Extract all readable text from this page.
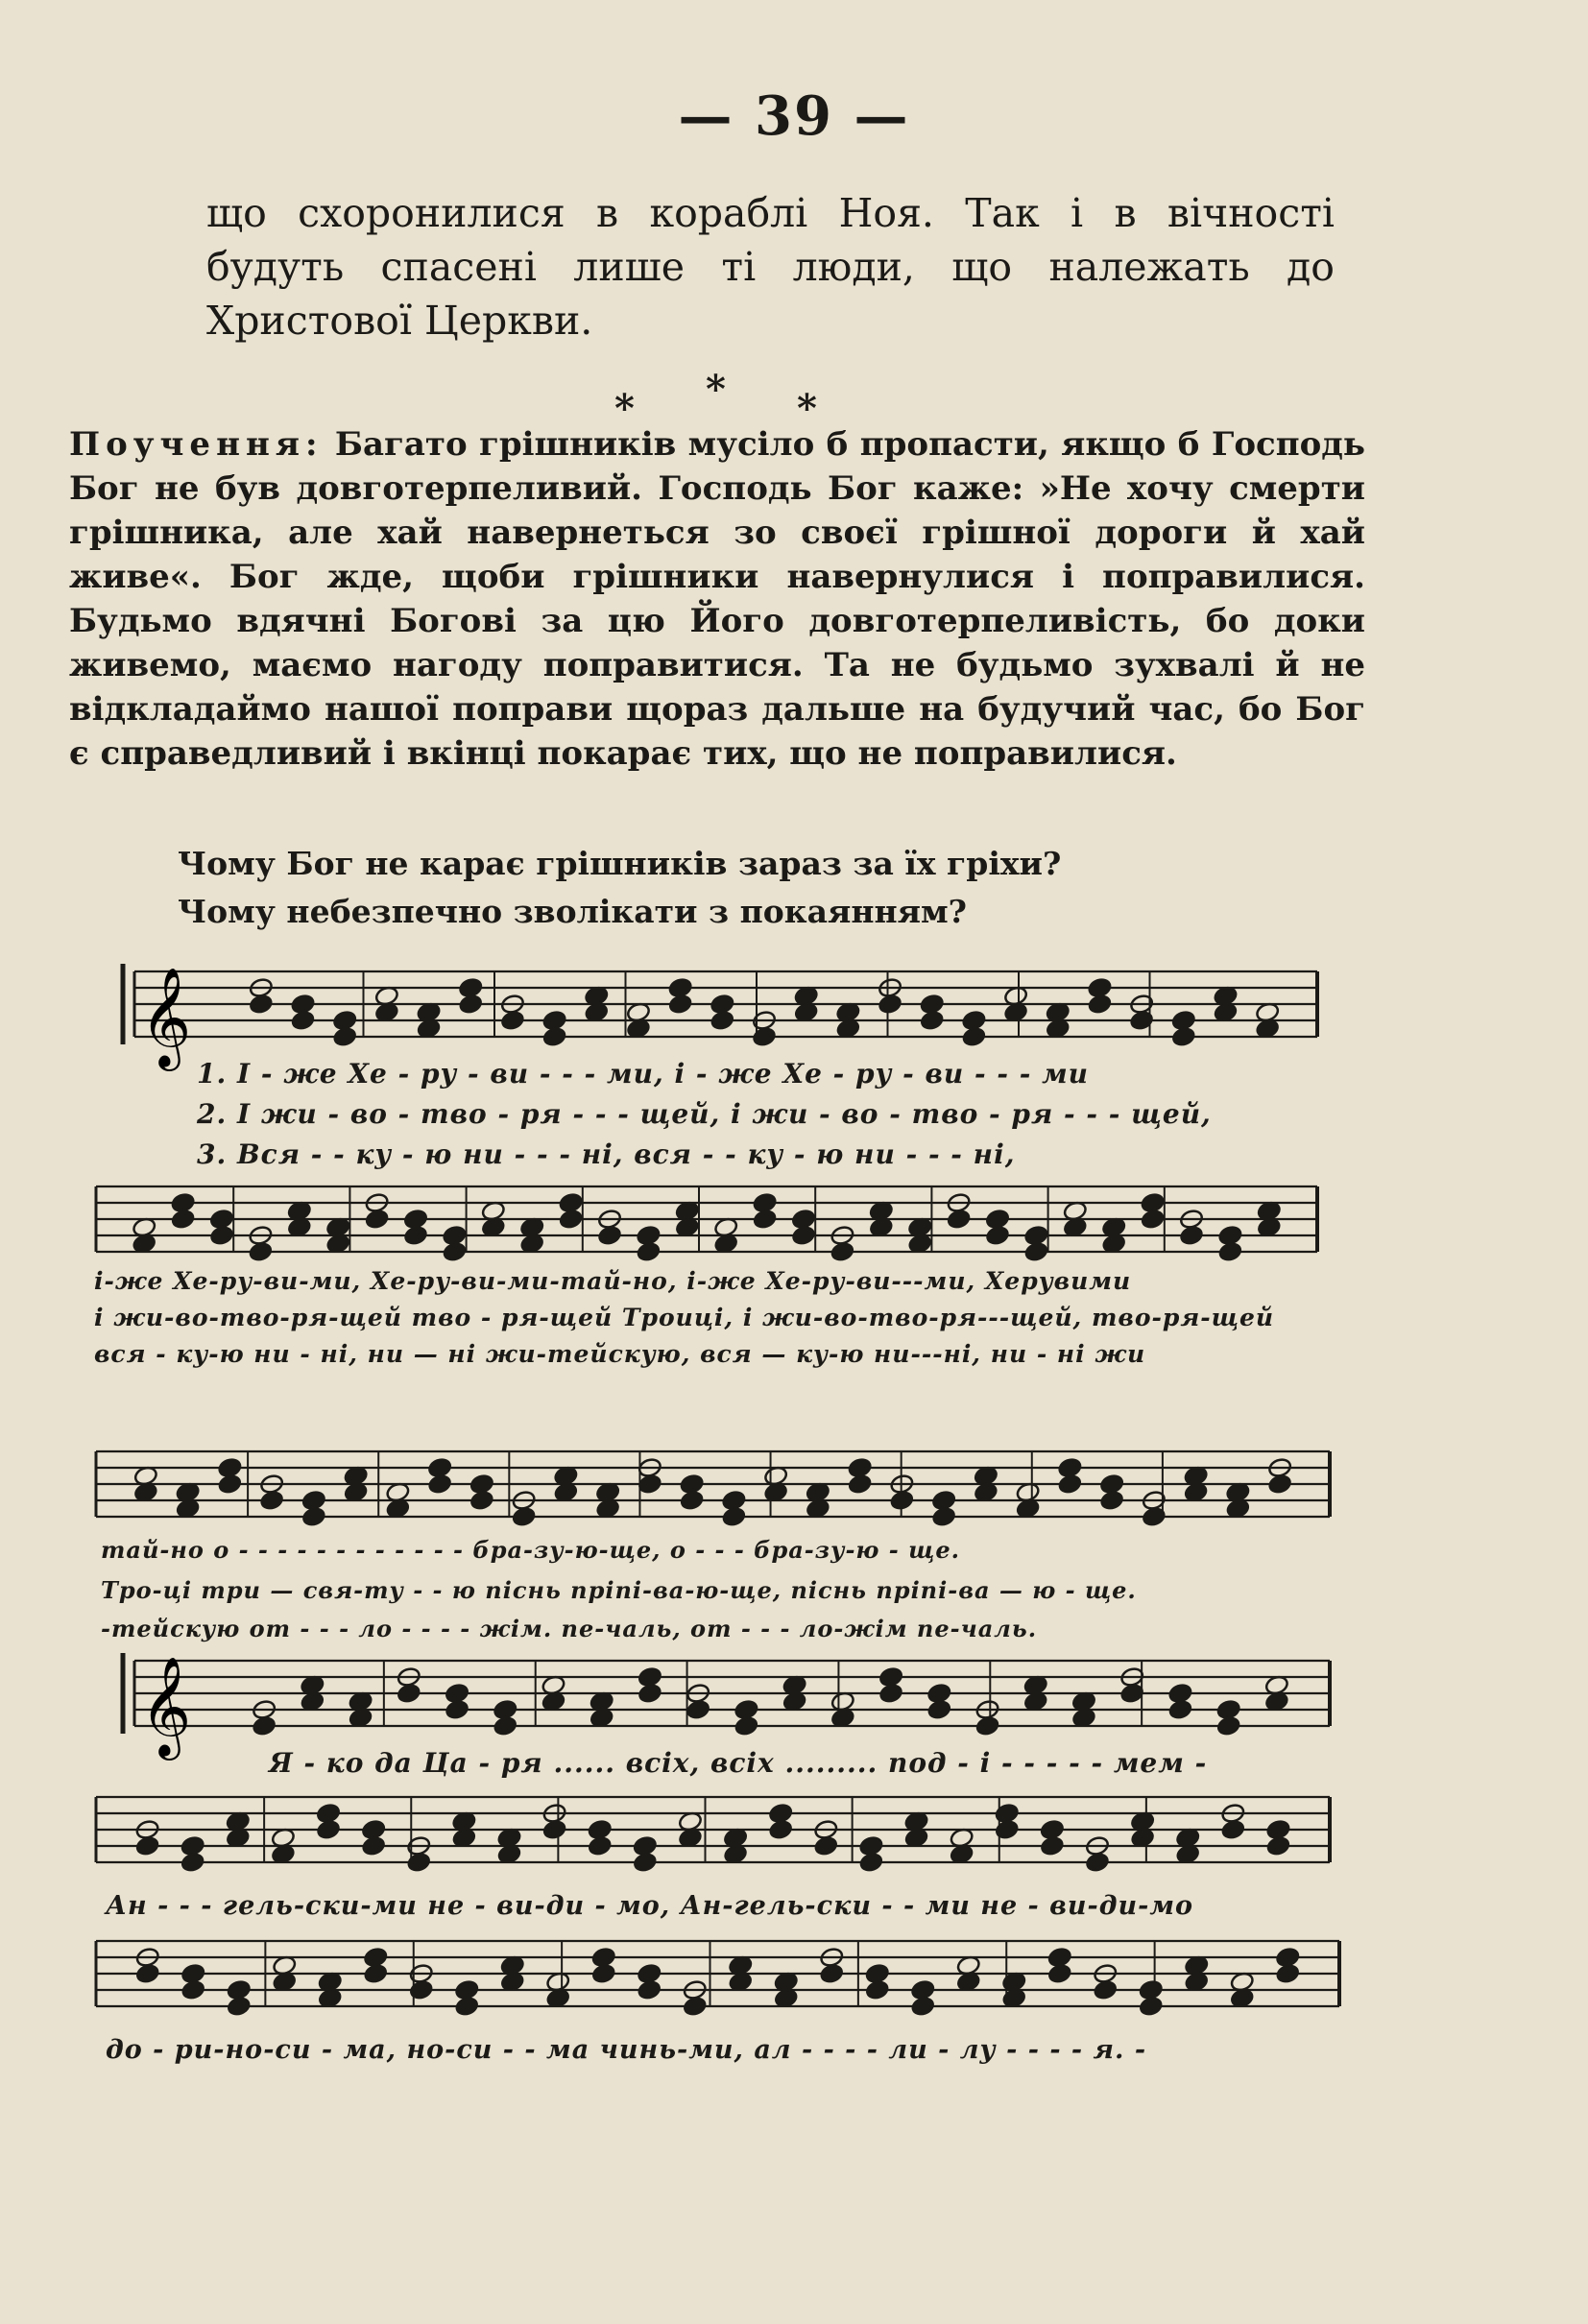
— 39 —

що схоронилися в кораблі Ноя. Так і в вічності будуть спасені лише ті люди, що належать до Христової Церкви.

* * *

Поучення: Багато грішників мусіло б пропасти, якщо б Господь Бог не був довготерпеливий. Господь Бог каже: »Не хочу смерти грішника, але хай навернеться зо своєї грішної дороги й хай живе«. Бог жде, щоби грішники навернулися і поправилися. Будьмо вдячні Богові за цю Його довготерпеливість, бо доки живемо, маємо нагоду поправитися. Та не будьмо зухвалі й не відкладаймо нашої поправи щораз дальше на будучий час, бо Бог є справедливий і вкінці покарає тих, що не поправилися.

Чому Бог не карає грішників зараз за їх гріхи?
Чому небезпечно зволікати з покаянням?
𝄞
𝄞
1. І - же Хе - ру - ви - - - ми, і - же Хе - ру - ви - - - ми
2. І жи - во - тво - ря - - - щей, і жи - во - тво - ря - - - щей,
3. Вся - - ку - ю ни - - - ні, вся - - ку - ю ни - - - ні,
і-же Хе-ру-ви-ми, Хе-ру-ви-ми-тай-но, і-же Хе-ру-ви---ми, Херувими
і жи-во-тво-ря-щей тво - ря-щей Троиці, і жи-во-тво-ря---щей, тво-ря-щей
вся - ку-ю ни - ні, ни — ні жи-тейскую, вся — ку-ю ни---ні, ни - ні жи
тай-но о - - - - - - - - - - - - бра-зу-ю-ще, о - - - бра-зу-ю - ще.
Тро-ці три — свя-ту - - ю піснь пріпі-ва-ю-ще, піснь пріпі-ва — ю - ще.
-тейскую от - - - ло - - - - жім. пе-чаль, от - - - ло-жім пе-чаль.
Я - ко да Ца - ря ...... всіх, всіх ......... под - і - - - - - мем -
Ан - - - гель-ски-ми не - ви-ди - мо, Ан-гель-ски - - ми не - ви-ди-мо
до - ри-но-си - ма, но-си - - ма чинь-ми, ал - - - - ли - лу - - - - я. -
